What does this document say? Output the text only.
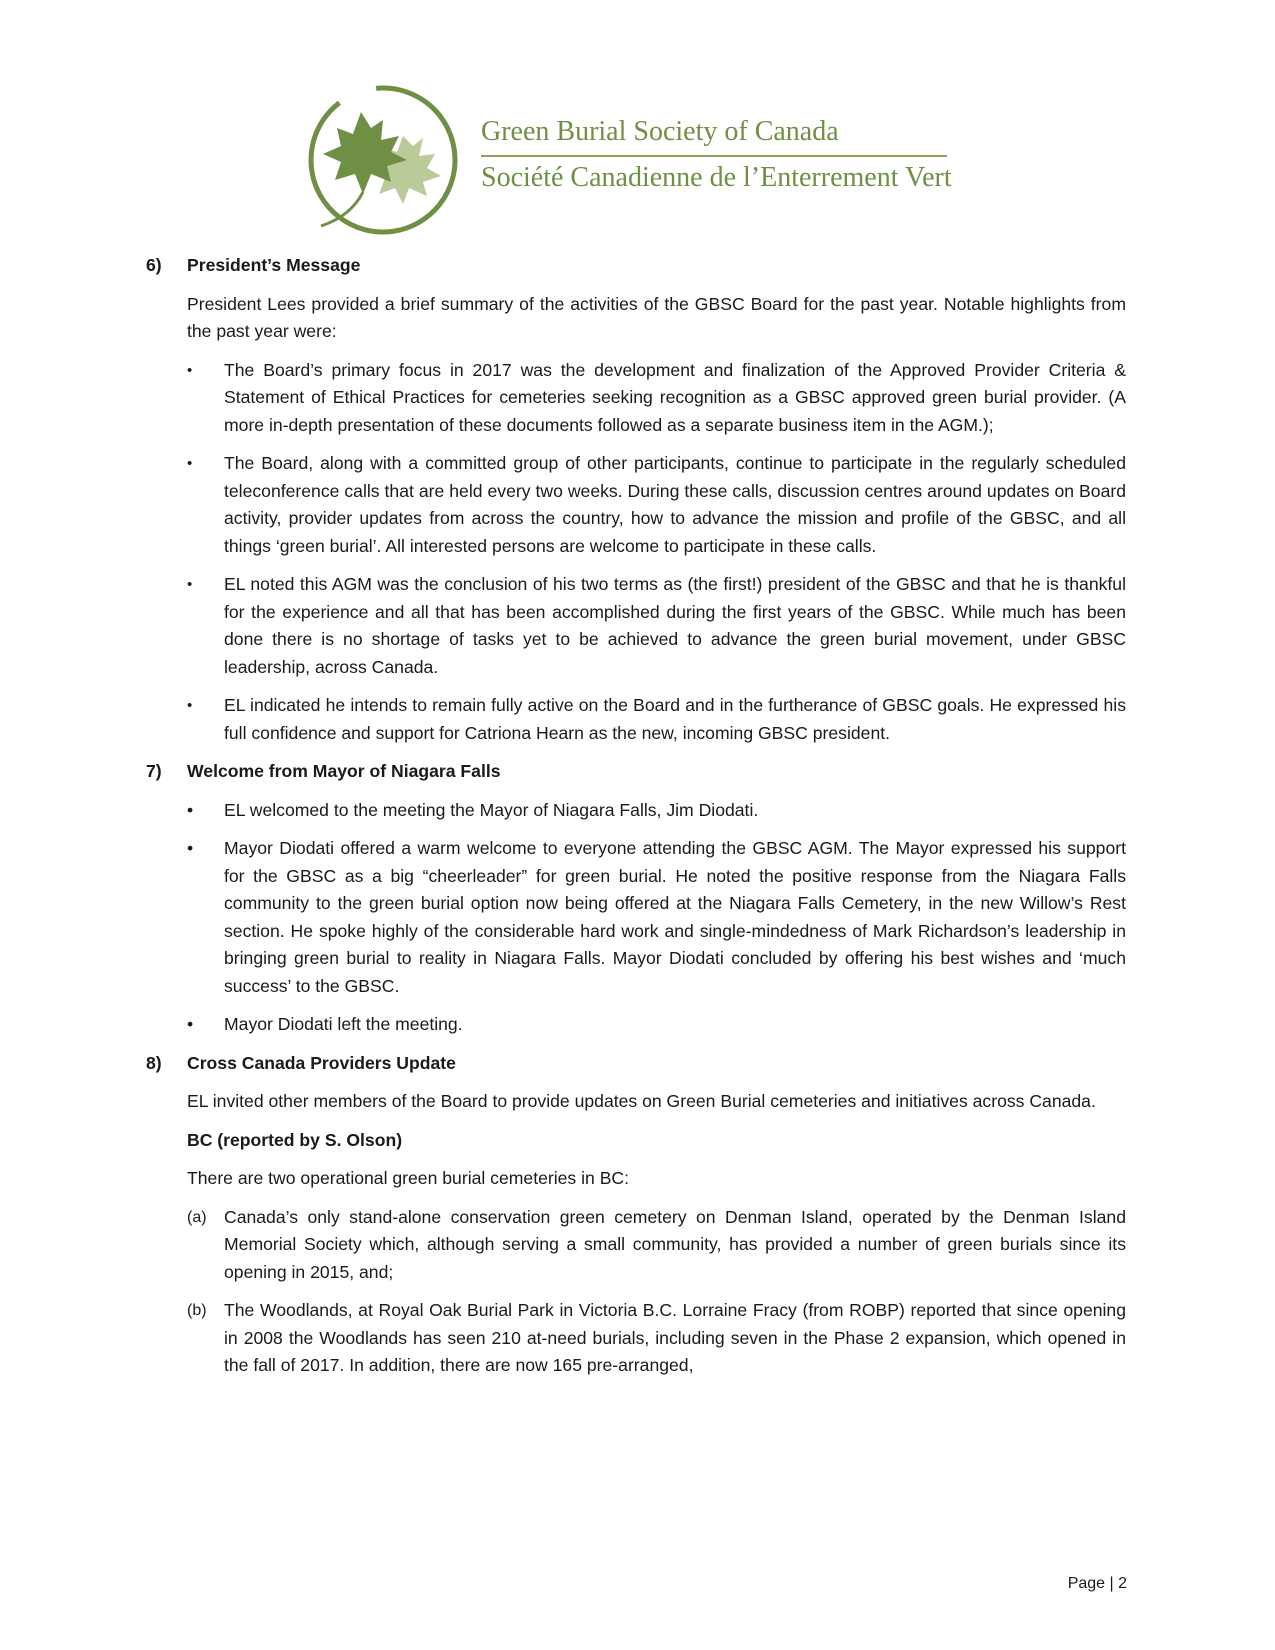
Green Burial Society of Canada
Société Canadienne de l’Enterrement Vert
6)	President’s Message

President Lees provided a brief summary of the activities of the GBSC Board for the past year. Notable highlights from the past year were:

•	The Board’s primary focus in 2017 was the development and finalization of the Approved Provider Criteria & Statement of Ethical Practices for cemeteries seeking recognition as a GBSC approved green burial provider. (A more in-depth presentation of these documents followed as a separate business item in the AGM.);
•	The Board, along with a committed group of other participants, continue to participate in the regularly scheduled teleconference calls that are held every two weeks. During these calls, discussion centres around updates on Board activity, provider updates from across the country, how to advance the mission and profile of the GBSC, and all things ‘green burial’. All interested persons are welcome to participate in these calls.
•	EL noted this AGM was the conclusion of his two terms as (the first!) president of the GBSC and that he is thankful for the experience and all that has been accomplished during the first years of the GBSC. While much has been done there is no shortage of tasks yet to be achieved to advance the green burial movement, under GBSC leadership, across Canada.
•	EL indicated he intends to remain fully active on the Board and in the furtherance of GBSC goals. He expressed his full confidence and support for Catriona Hearn as the new, incoming GBSC president.
7)	Welcome from Mayor of Niagara Falls
•	EL welcomed to the meeting the Mayor of Niagara Falls, Jim Diodati.
•	Mayor Diodati offered a warm welcome to everyone attending the GBSC AGM. The Mayor expressed his support for the GBSC as a big “cheerleader” for green burial. He noted the positive response from the Niagara Falls community to the green burial option now being offered at the Niagara Falls Cemetery, in the new Willow’s Rest section. He spoke highly of the considerable hard work and single-mindedness of Mark Richardson’s leadership in bringing green burial to reality in Niagara Falls. Mayor Diodati concluded by offering his best wishes and ‘much success’ to the GBSC.
•	Mayor Diodati left the meeting.
8)	Cross Canada Providers Update

EL invited other members of the Board to provide updates on Green Burial cemeteries and initiatives across Canada.

BC (reported by S. Olson)

There are two operational green burial cemeteries in BC:

(a) Canada’s only stand-alone conservation green cemetery on Denman Island, operated by the Denman Island Memorial Society which, although serving a small community, has provided a number of green burials since its opening in 2015, and;
(b) The Woodlands, at Royal Oak Burial Park in Victoria B.C. Lorraine Fracy (from ROBP) reported that since opening in 2008 the Woodlands has seen 210 at-need burials, including seven in the Phase 2 expansion, which opened in the fall of 2017. In addition, there are now 165 pre-arranged,
Page | 2
